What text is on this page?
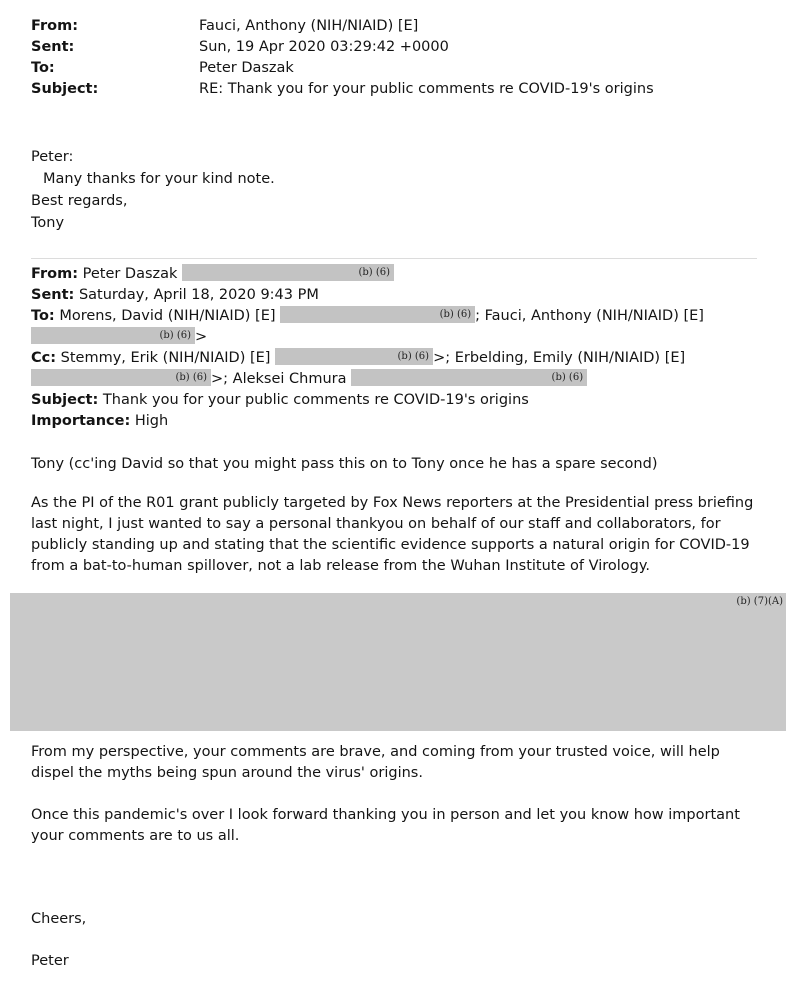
From:	Fauci, Anthony (NIH/NIAID) [E]
Sent:	Sun, 19 Apr 2020 03:29:42 +0000
To:	Peter Daszak
Subject:	RE: Thank you for your public comments re COVID-19's origins
Peter:
Many thanks for your kind note.
Best regards,
Tony
From: Peter Daszak	(b) (6)
Sent: Saturday, April 18, 2020 9:43 PM
To: Morens, David (NIH/NIAID) [E]	(b) (6) ; Fauci, Anthony (NIH/NIAID) [E]
(b) (6) >
Cc: Stemmy, Erik (NIH/NIAID) [E]	(b) (6) >; Erbelding, Emily (NIH/NIAID) [E]
(b) (6) >; Aleksei Chmura	(b) (6)
Subject: Thank you for your public comments re COVID-19's origins
Importance: High
Tony (cc'ing David so that you might pass this on to Tony once he has a spare second)
As the PI of the R01 grant publicly targeted by Fox News reporters at the Presidential press briefing last night, I just wanted to say a personal thankyou on behalf of our staff and collaborators, for publicly standing up and stating that the scientific evidence supports a natural origin for COVID-19 from a bat-to-human spillover, not a lab release from the Wuhan Institute of Virology.
(b) (7)(A)
From my perspective, your comments are brave, and coming from your trusted voice, will help dispel the myths being spun around the virus' origins.
Once this pandemic's over I look forward thanking you in person and let you know how important your comments are to us all.
Cheers,
Peter
